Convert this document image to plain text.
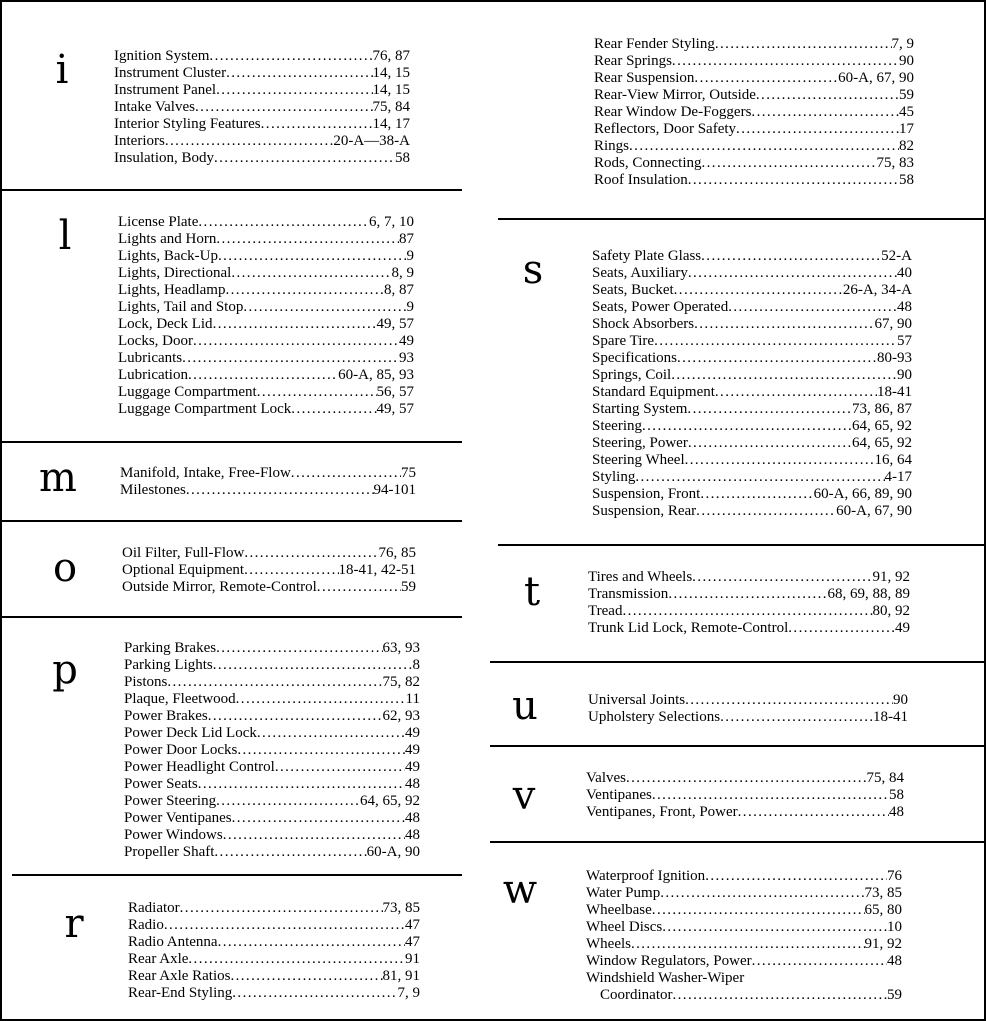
i	Ignition System .....	76, 87
Instrument Cluster .....	14, 15
Instrument Panel .....	14, 15
Intake Valves .....	75, 84
Interior Styling Features .....	14, 17
Interiors .....	20-A—38-A
Insulation, Body .....	58
l	License Plate .....	6, 7, 10
Lights and Horn .....	87
Lights, Back-Up .....	9
Lights, Directional .....	8, 9
Lights, Headlamp .....	8, 87
Lights, Tail and Stop .....	9
Lock, Deck Lid .....	49, 57
Locks, Door .....	49
Lubricants .....	93
Lubrication .....	60-A, 85, 93
Luggage Compartment .....	56, 57
Luggage Compartment Lock .....	49, 57
m	Manifold, Intake, Free-Flow .....	75
Milestones .....	94-101
o	Oil Filter, Full-Flow .....	76, 85
Optional Equipment .....	18-41, 42-51
Outside Mirror, Remote-Control .....	59
p	Parking Brakes .....	63, 93
Parking Lights .....	8
Pistons .....	75, 82
Plaque, Fleetwood .....	11
Power Brakes .....	62, 93
Power Deck Lid Lock .....	49
Power Door Locks .....	49
Power Headlight Control .....	49
Power Seats .....	48
Power Steering .....	64, 65, 92
Power Ventipanes .....	48
Power Windows .....	48
Propeller Shaft .....	60-A, 90
r	Radiator .....	73, 85
Radio .....	47
Radio Antenna .....	47
Rear Axle .....	91
Rear Axle Ratios .....	81, 91
Rear-End Styling .....	7, 9
Rear Fender Styling .....	7, 9
Rear Springs .....	90
Rear Suspension .....	60-A, 67, 90
Rear-View Mirror, Outside .....	59
Rear Window De-Foggers .....	45
Reflectors, Door Safety .....	17
Rings .....	82
Rods, Connecting .....	75, 83
Roof Insulation .....	58
s	Safety Plate Glass .....	52-A
Seats, Auxiliary .....	40
Seats, Bucket .....	26-A, 34-A
Seats, Power Operated .....	48
Shock Absorbers .....	67, 90
Spare Tire .....	57
Specifications .....	80-93
Springs, Coil .....	90
Standard Equipment .....	18-41
Starting System .....	73, 86, 87
Steering .....	64, 65, 92
Steering, Power .....	64, 65, 92
Steering Wheel .....	16, 64
Styling .....	4-17
Suspension, Front .....	60-A, 66, 89, 90
Suspension, Rear .....	60-A, 67, 90
t	Tires and Wheels .....	91, 92
Transmission .....	68, 69, 88, 89
Tread .....	80, 92
Trunk Lid Lock, Remote-Control .....	49
u	Universal Joints .....	90
Upholstery Selections .....	18-41
v	Valves .....	75, 84
Ventipanes .....	58
Ventipanes, Front, Power .....	48
w	Waterproof Ignition .....	76
Water Pump .....	73, 85
Wheelbase .....	65, 80
Wheel Discs .....	10
Wheels .....	91, 92
Window Regulators, Power .....	48
Windshield Washer-Wiper
Coordinator .....	59
